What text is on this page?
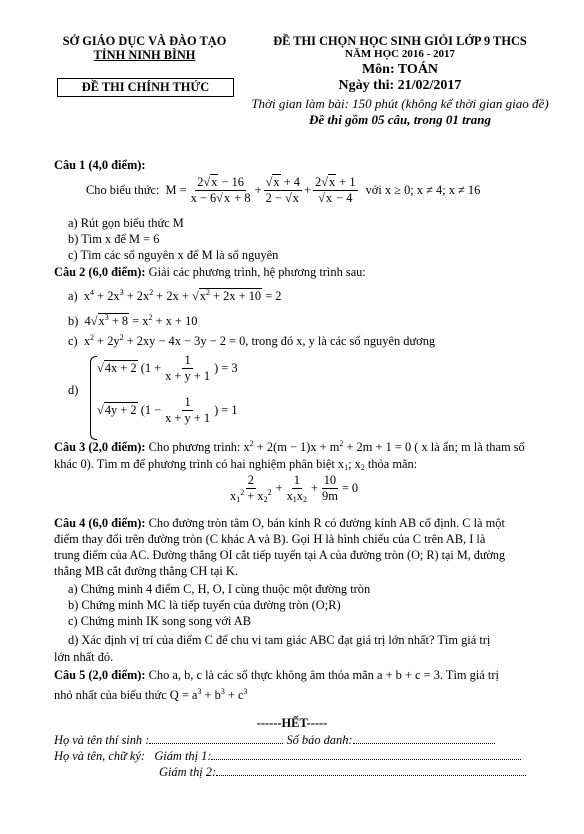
SỞ GIÁO DỤC VÀ ĐÀO TẠO
TỈNH NINH BÌNH
ĐỀ THI CHÍNH THỨC
ĐỀ THI CHỌN HỌC SINH GIỎI LỚP 9 THCS
NĂM HỌC 2016 - 2017
Môn: TOÁN
Ngày thi: 21/02/2017
Thời gian làm bài: 150 phút (không kể thời gian giao đề)
Đề thi gồm 05 câu, trong 01 trang
Câu 1 (4,0 điểm):
Cho biểu thức: $M = \frac{2√ x - 16}{x - 6√ x + 8}$ +
√ $\frac{x + 4}{2 - √ x} + 2√$ x + 1
√ x − 4 với x ≥ 0; x ≠ 4; x ≠ 16
a) Rút gọn biểu thức M
b) Tìm x để M = 6
c) Tìm các số nguyên x để M là số nguyên
Câu 2 (6,0 điểm): Giải các phương trình, hệ phương trình sau:
a)  $x^4 + 2x^3 + 2x^2 + 2x$ + √ $x^2 + 2x + 10 = 2$
b)  4√ $x^3 + 8 = x^2 + x + 10$
c)  $x^2 + 2y^2 + 2xy - 4x - 3y - 2 = 0$, trong đó x, y là các số nguyên dương
d)
√
4x + 2 ($1 + \frac{1}{x + y + 1}$ ) = 3
√
4y + 2 ($1 - \frac{1}{x + y + 1}$ ) = 1
Câu 3 (2,0 điểm): Cho phương trình: $x^2 + 2(m - 1)x + m^2 + 2m + 1 = 0$ ( x là ẩn; m là tham số
khác 0). Tìm m để phương trình có hai nghiệm phân biệt $x_1$; $x_2$ thỏa mãn:
$\frac{2}{x_1^2 + x_2^2} + \frac{1}{x_1x_2} + \frac{10}{9m} = 0$
Câu 4 (6,0 điểm): Cho đường tròn tâm O, bán kính R có đường kính AB cố định. C là một
điểm thay đổi trên đường tròn (C khác A và B). Gọi H là hình chiếu của C trên AB, I là
trung điểm của AC. Đường thẳng OI cắt tiếp tuyến tại A của đường tròn (O; R) tại M, đường
thẳng MB cắt đường thẳng CH tại K.
a) Chứng minh 4 điểm C, H, O, I cùng thuộc một đường tròn
b) Chứng minh MC là tiếp tuyến của đường tròn (O;R)
c) Chứng minh IK song song với AB
d) Xác định vị trí của điểm C để chu vi tam giác ABC đạt giá trị lớn nhất? Tìm giá trị
lớn nhất đó.
Câu 5 (2,0 điểm): Cho a, b, c là các số thực không âm thỏa mãn a + b + c = 3. Tìm giá trị
nhỏ nhất của biểu thức $Q = a^3 + b^3 + c^3$
------HẾT-----
Họ và tên thí sinh :	Số báo danh:
Họ và tên, chữ ký: Giám thị 1:
Giám thị 2:
